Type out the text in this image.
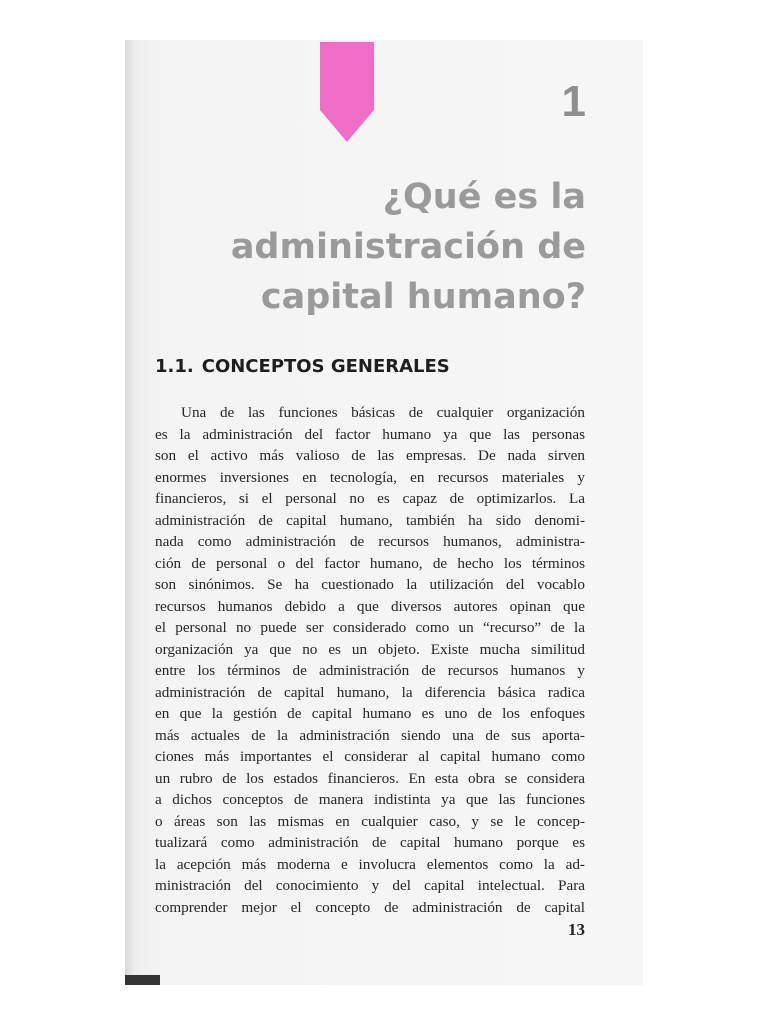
1
¿Qué es la
administración de
capital humano?
1.1. CONCEPTOS GENERALES
Una de las funciones básicas de cualquier organización
es la administración del factor humano ya que las personas
son el activo más valioso de las empresas. De nada sirven
enormes inversiones en tecnología, en recursos materiales y
financieros, si el personal no es capaz de optimizarlos. La
administración de capital humano, también ha sido denomi-
nada como administración de recursos humanos, administra-
ción de personal o del factor humano, de hecho los términos
son sinónimos. Se ha cuestionado la utilización del vocablo
recursos humanos debido a que diversos autores opinan que
el personal no puede ser considerado como un “recurso” de la
organización ya que no es un objeto. Existe mucha similitud
entre los términos de administración de recursos humanos y
administración de capital humano, la diferencia básica radica
en que la gestión de capital humano es uno de los enfoques
más actuales de la administración siendo una de sus aporta-
ciones más importantes el considerar al capital humano como
un rubro de los estados financieros. En esta obra se considera
a dichos conceptos de manera indistinta ya que las funciones
o áreas son las mismas en cualquier caso, y se le concep-
tualizará como administración de capital humano porque es
la acepción más moderna e involucra elementos como la ad-
ministración del conocimiento y del capital intelectual. Para
comprender mejor el concepto de administración de capital
13
